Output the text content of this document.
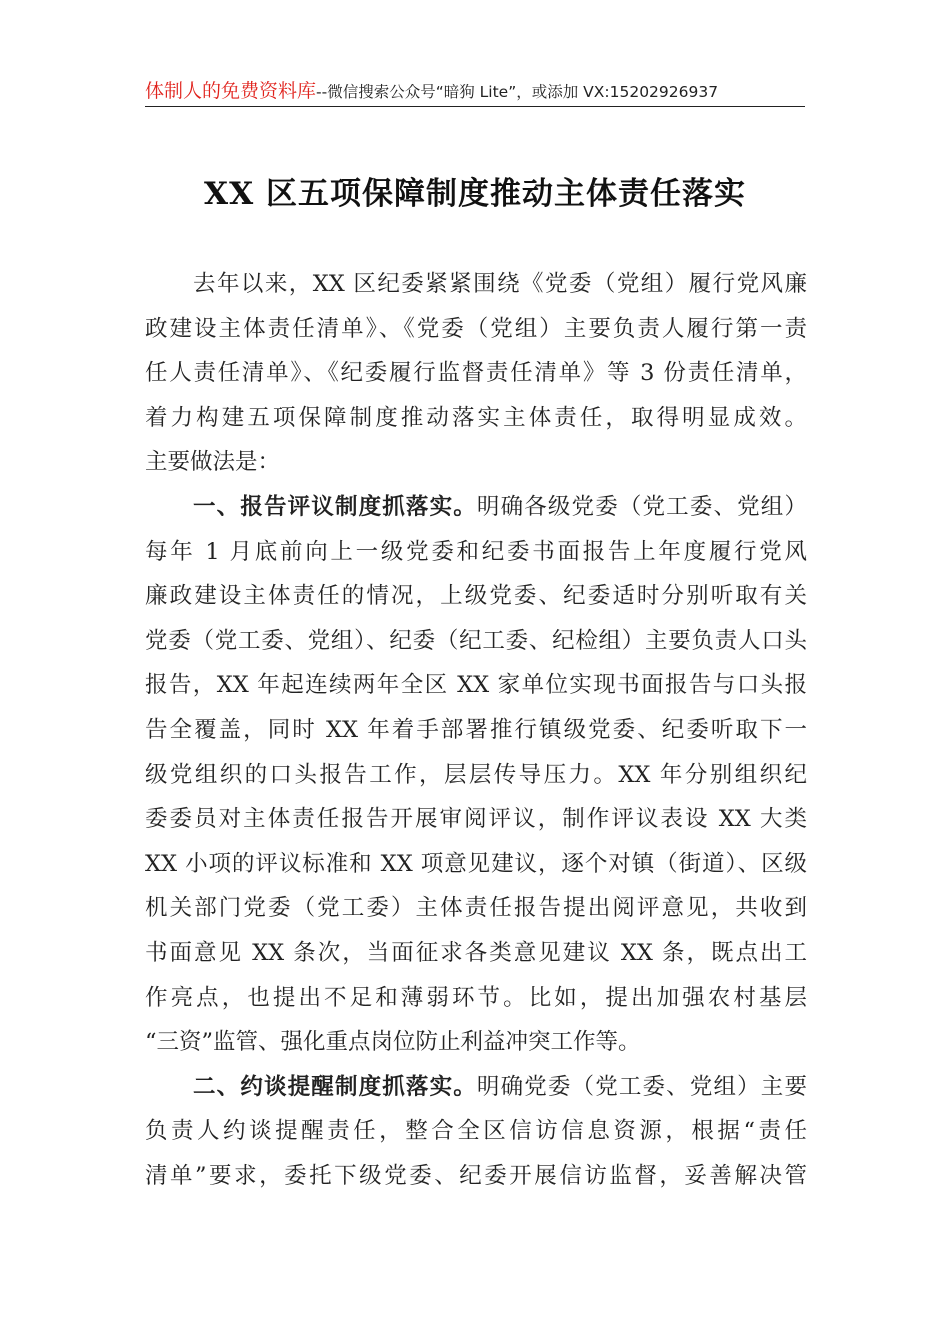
体制人的免费资料库--微信搜索公众号“暗狗 Lite”，或添加 VX:15202926937
XX 区五项保障制度推动主体责任落实
去年以来，XX 区纪委紧紧围绕《党委（党组）履行党风廉
政建设主体责任清单》、《党委（党组）主要负责人履行第一责
任人责任清单》、《纪委履行监督责任清单》等 3 份责任清单，
着力构建五项保障制度推动落实主体责任，取得明显成效。
主要做法是：
一、报告评议制度抓落实。明确各级党委（党工委、党组）
每年 1 月底前向上一级党委和纪委书面报告上年度履行党风
廉政建设主体责任的情况，上级党委、纪委适时分别听取有关
党委（党工委、党组）、纪委（纪工委、纪检组）主要负责人口头
报告，XX 年起连续两年全区 XX 家单位实现书面报告与口头报
告全覆盖，同时 XX 年着手部署推行镇级党委、纪委听取下一
级党组织的口头报告工作，层层传导压力。XX 年分别组织纪
委委员对主体责任报告开展审阅评议，制作评议表设 XX 大类
XX 小项的评议标准和 XX 项意见建议，逐个对镇（街道）、区级
机关部门党委（党工委）主体责任报告提出阅评意见，共收到
书面意见 XX 条次，当面征求各类意见建议 XX 条，既点出工
作亮点，也提出不足和薄弱环节。比如，提出加强农村基层
“三资”监管、强化重点岗位防止利益冲突工作等。
二、约谈提醒制度抓落实。明确党委（党工委、党组）主要
负责人约谈提醒责任，整合全区信访信息资源，根据“责任
清单”要求，委托下级党委、纪委开展信访监督，妥善解决管
